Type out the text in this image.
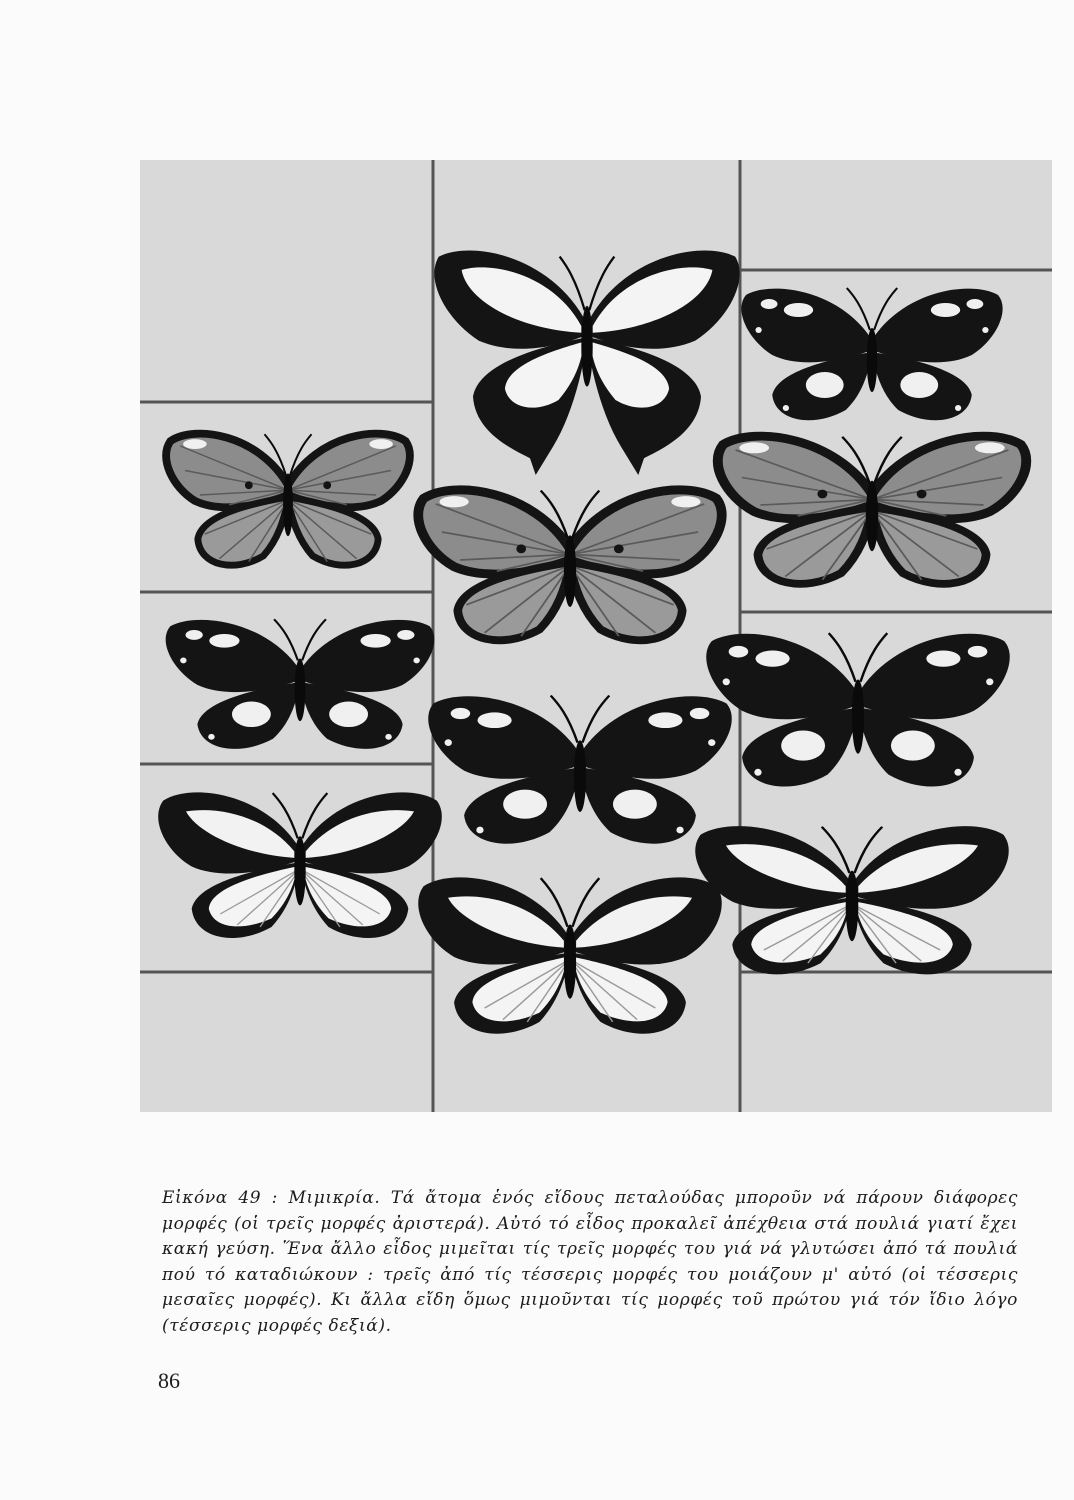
Εἰκόνα 49 : Μιμικρία. Τά ἄτομα ἑνός εἴδους πεταλούδας μποροῦν νά πάρουν διάφορες μορφές (οἱ τρεῖς μορφές ἀριστερά). Αὐτό τό εἶδος προκαλεῖ ἀπέχθεια στά πουλιά γιατί ἔχει κακή γεύση. Ἕνα ἄλλο εἶδος μιμεῖται τίς τρεῖς μορφές του γιά νά γλυτώσει ἀπό τά πουλιά πού τό καταδιώκουν : τρεῖς ἀπό τίς τέσσερις μορφές του μοιάζουν μ' αὐτό (οἱ τέσσερις μεσαῖες μορφές). Κι ἄλλα εἴδη ὅμως μιμοῦνται τίς μορφές τοῦ πρώτου γιά τόν ἴδιο λόγο (τέσσερις μορφές δεξιά).
86
